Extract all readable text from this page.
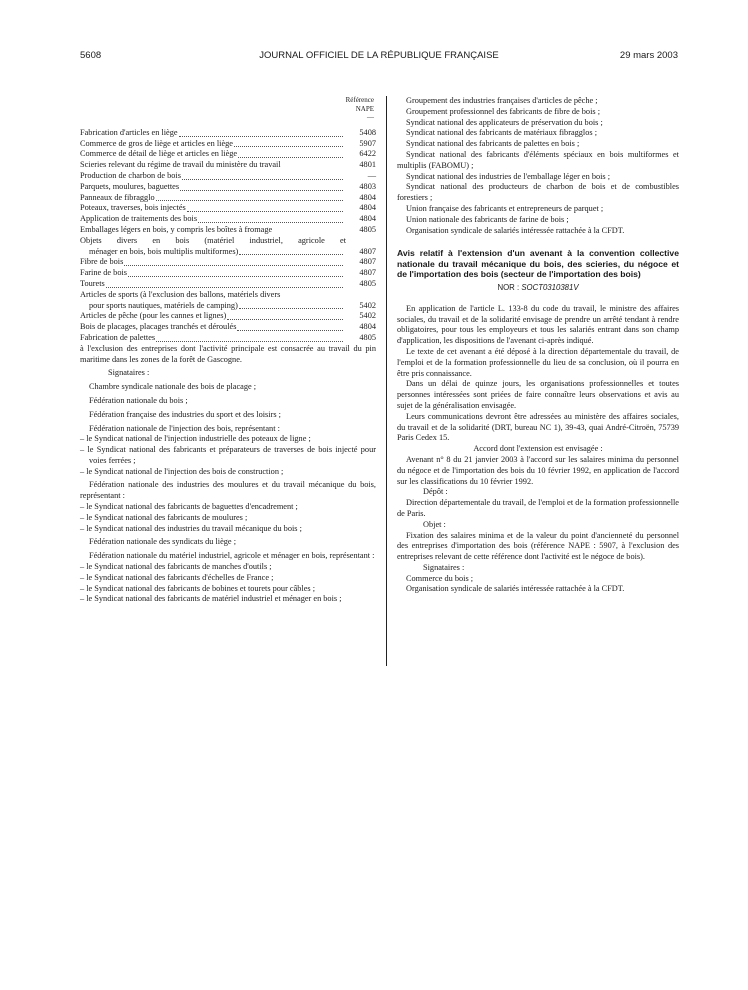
5608	JOURNAL OFFICIEL DE LA RÉPUBLIQUE FRANÇAISE	29 mars 2003
Référence
NAPE
—
Fabrication d'articles en liège	5408
Commerce de gros de liège et articles en liège	5907
Commerce de détail de liège et articles en liège	6422
Scieries relevant du régime de travail du ministère du travail	4801
Production de charbon de bois	—
Parquets, moulures, baguettes	4803
Panneaux de fibragglo	4804
Poteaux, traverses, bois injectés	4804
Application de traitements des bois	4804
Emballages légers en bois, y compris les boîtes à fromage	4805
Objets divers en bois (matériel industriel, agricole et
ménager en bois, bois multiplis multiformes)	4807
Fibre de bois	4807
Farine de bois	4807
Tourets	4805
Articles de sports (à l'exclusion des ballons, matériels divers
pour sports nautiques, matériels de camping)	5402
Articles de pêche (pour les cannes et lignes)	5402
Bois de placages, placages tranchés et déroulés	4804
Fabrication de palettes	4805

à l'exclusion des entreprises dont l'activité principale est consacrée au travail du pin maritime dans les zones de la forêt de Gascogne.

Signataires :

Chambre syndicale nationale des bois de placage ;

Fédération nationale du bois ;

Fédération française des industries du sport et des loisirs ;

Fédération nationale de l'injection des bois, représentant :

– le Syndicat national de l'injection industrielle des poteaux de ligne ;

– le Syndicat national des fabricants et préparateurs de traverses de bois injecté pour voies ferrées ;

– le Syndicat national de l'injection des bois de construction ;

Fédération nationale des industries des moulures et du travail mécanique du bois, représentant :

– le Syndicat national des fabricants de baguettes d'encadrement ;

– le Syndicat national des fabricants de moulures ;

– le Syndicat national des industries du travail mécanique du bois ;

Fédération nationale des syndicats du liège ;

Fédération nationale du matériel industriel, agricole et ménager en bois, représentant :

– le Syndicat national des fabricants de manches d'outils ;

– le Syndicat national des fabricants d'échelles de France ;

– le Syndicat national des fabricants de bobines et tourets pour câbles ;

– le Syndicat national des fabricants de matériel industriel et ménager en bois ;

Groupement des industries françaises d'articles de pêche ;

Groupement professionnel des fabricants de fibre de bois ;

Syndicat national des applicateurs de préservation du bois ;

Syndicat national des fabricants de matériaux fibragglos ;

Syndicat national des fabricants de palettes en bois ;

Syndicat national des fabricants d'éléments spéciaux en bois multiformes et multiplis (FABOMU) ;

Syndicat national des industries de l'emballage léger en bois ;

Syndicat national des producteurs de charbon de bois et de combustibles forestiers ;

Union française des fabricants et entrepreneurs de parquet ;

Union nationale des fabricants de farine de bois ;

Organisation syndicale de salariés intéressée rattachée à la CFDT.

Avis relatif à l'extension d'un avenant à la convention collective nationale du travail mécanique du bois, des scieries, du négoce et de l'importation des bois (secteur de l'importation des bois)
NOR : SOCT0310381V

En application de l'article L. 133-8 du code du travail, le ministre des affaires sociales, du travail et de la solidarité envisage de prendre un arrêté tendant à rendre obligatoires, pour tous les employeurs et tous les salariés entrant dans son champ d'application, les dispositions de l'avenant ci-après indiqué.

Le texte de cet avenant a été déposé à la direction départementale du travail, de l'emploi et de la formation professionnelle du lieu de sa conclusion, où il pourra en être pris connaissance.

Dans un délai de quinze jours, les organisations professionnelles et toutes personnes intéressées sont priées de faire connaître leurs observations et avis au sujet de la généralisation envisagée.

Leurs communications devront être adressées au ministère des affaires sociales, du travail et de la solidarité (DRT, bureau NC 1), 39-43, quai André-Citroën, 75739 Paris Cedex 15.

Accord dont l'extension est envisagée :

Avenant n° 8 du 21 janvier 2003 à l'accord sur les salaires minima du personnel du négoce et de l'importation des bois du 10 février 1992, en application de l'accord sur les classifications du 10 février 1992.

Dépôt :

Direction départementale du travail, de l'emploi et de la formation professionnelle de Paris.

Objet :

Fixation des salaires minima et de la valeur du point d'ancienneté du personnel des entreprises d'importation des bois (référence NAPE : 5907, à l'exclusion des entreprises relevant de cette référence dont l'activité est le négoce de bois).

Signataires :

Commerce du bois ;

Organisation syndicale de salariés intéressée rattachée à la CFDT.
